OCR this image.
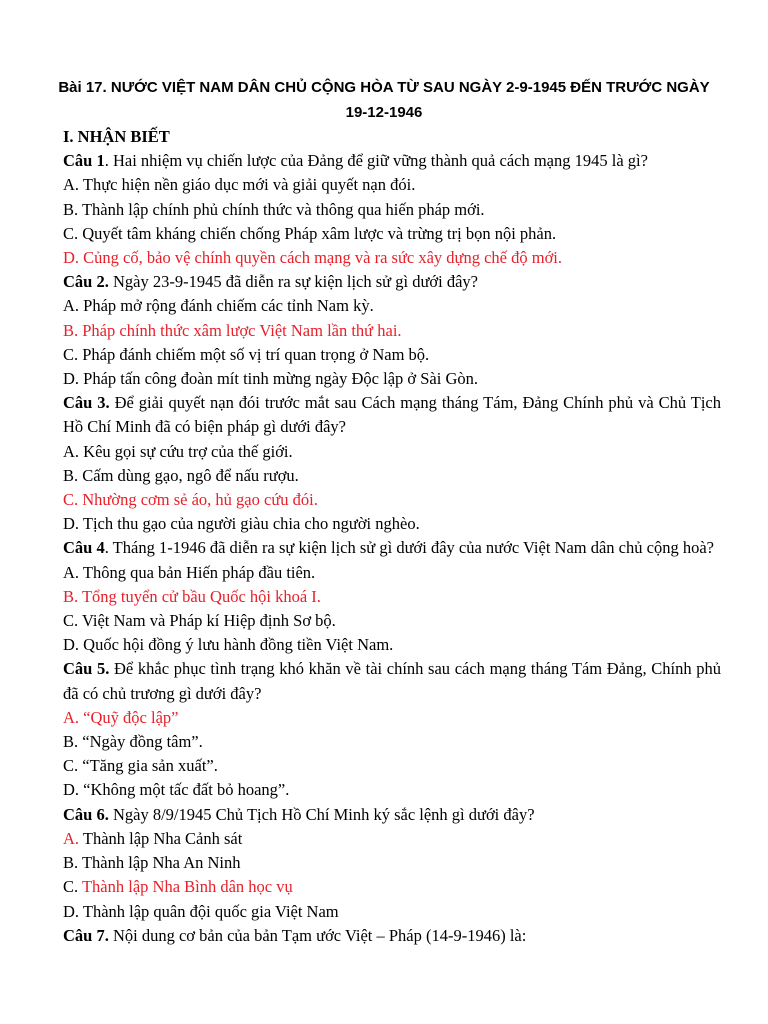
Bài 17. NƯỚC VIỆT NAM DÂN CHỦ CỘNG HÒA TỪ SAU NGÀY 2-9-1945 ĐẾN TRƯỚC NGÀY
19-12-1946
I. NHẬN BIẾT
Câu 1. Hai nhiệm vụ chiến lược của Đảng để giữ vững thành quả cách mạng 1945 là gì?
A. Thực hiện nền giáo dục mới và giải quyết nạn đói.
B. Thành lập chính phủ chính thức và thông qua hiến pháp mới.
C. Quyết tâm kháng chiến chống Pháp xâm lược và trừng trị bọn nội phản.
D. Củng cố, bảo vệ chính quyền cách mạng và ra sức xây dựng chế độ mới.
Câu 2. Ngày 23-9-1945 đã diễn ra sự kiện lịch sử gì dưới đây?
A. Pháp mở rộng đánh chiếm các tỉnh Nam kỳ.
B. Pháp chính thức xâm lược Việt Nam lần thứ hai.
C. Pháp đánh chiếm một số vị trí quan trọng ở Nam bộ.
D. Pháp tấn công đoàn mít tinh mừng ngày Độc lập ở Sài Gòn.
Câu 3. Để giải quyết nạn đói trước mắt sau Cách mạng tháng Tám, Đảng Chính phủ và Chủ Tịch Hồ Chí Minh đã có biện pháp gì dưới đây?
A. Kêu gọi sự cứu trợ của thế giới.
B. Cấm dùng gạo, ngô để nấu rượu.
C. Nhường cơm sẻ áo, hủ gạo cứu đói.
D. Tịch thu gạo của người giàu chia cho người nghèo.
Câu 4. Tháng 1-1946 đã diễn ra sự kiện lịch sử gì dưới đây của nước Việt Nam dân chủ cộng hoà?
A. Thông qua bản Hiến pháp đầu tiên.
B. Tổng tuyển cử bầu Quốc hội khoá I.
C. Việt Nam và Pháp kí Hiệp định Sơ bộ.
D. Quốc hội đồng ý lưu hành đồng tiền Việt Nam.
Câu 5. Để khắc phục tình trạng khó khăn về tài chính sau cách mạng tháng Tám Đảng, Chính phủ đã có chủ trương gì dưới đây?
A. “Quỹ độc lập”
B. “Ngày đồng tâm”.
C. “Tăng gia sản xuất”.
D. “Không một tấc đất bỏ hoang”.
Câu 6. Ngày 8/9/1945 Chủ Tịch Hồ Chí Minh ký sắc lệnh gì dưới đây?
A. Thành lập Nha Cảnh sát
B. Thành lập Nha An Ninh
C. Thành lập Nha Bình dân học vụ
D. Thành lập quân đội quốc gia Việt Nam
Câu 7. Nội dung cơ bản của bản Tạm ước Việt – Pháp (14-9-1946) là:
